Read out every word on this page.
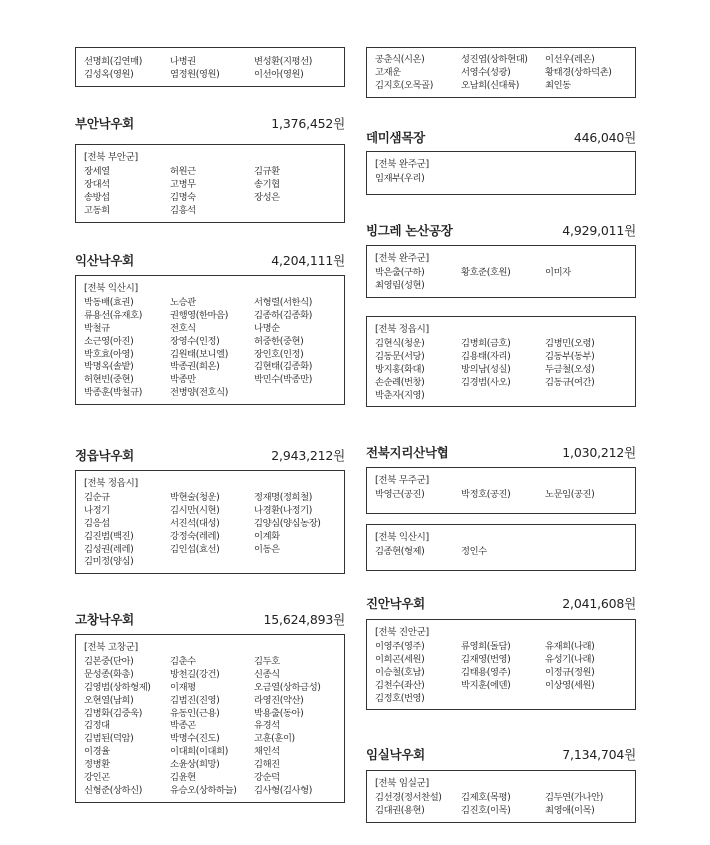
선명희(김연매)	나병권	변성환(지평선)
김성옥(영원)	염정원(영원)	이선아(영원)
부안낙우회	1,376,452원
[전북 부안군]
장세열	허원근	김규환
장대석	고병무	송기협
송방섭	김명숙	장성은
고동희	김흥석
익산낙우회	4,204,111원
[전북 익산시]
박동배(효권)	노승관	서형렬(서한식)
류용선(유재호)	권행영(한마음)	김종하(김종화)
박철규	전호식	나명순
소근영(아진)	장영수(인정)	허중한(중현)
박호효(아영)	김원태(보니엘)	장인호(인정)
박명옥(솔밭)	박종권(희온)	김현태(김종화)
허현빈(중현)	박종만	박민수(박종만)
박종훈(박철규)	전병양(전호식)
정읍낙우회	2,943,212원
[전북 정읍시]
김순규	박현술(청운)	정재명(정희철)
나정기	김시만(시현)	나경환(나정기)
김응섭	서진석(대성)	김양심(양심농장)
김진범(백진)	강정숙(레레)	이계화
김성권(레레)	김인섭(효선)	이동은
김미정(양심)
고창낙우회	15,624,893원
[전북 고창군]
김본중(단아)	김춘수	김두호
문성종(화총)	방천길(강건)	신종식
김영범(상하형제)	이재평	오금열(상하금성)
오현열(남희)	김범진(진영)	라영진(약산)
김병화(김중욱)	유동인(근용)	박용출(동아)
김정대	박종곤	유경석
김범된(덕암)	박명수(진도)	고훈(훈이)
이경율	이대희(이대희)	채인석
정병환	소윤상(희망)	김해진
강인곤	김윤현	강순덕
신형준(상하신)	유승오(상하하늘)	김사형(김사형)
공춘식(시온)	성진엽(상하현대)	이선우(레온)
고재운	서영수(성광)	황태경(상하덕촌)
김지호(오목골)	오남희(신대륙)	최인동
데미샘목장	446,040원
[전북 완주군]
임재부(우리)
빙그레 논산공장	4,929,011원
[전북 완주군]
박은출(구하)	황호준(호원)	이미자
최영림(성현)
[전북 정읍시]
김현식(청운)	김병희(금호)	김병민(오령)
김동문(서당)	김용태(자리)	김동부(동부)
방지홍(화대)	방의남(성실)	두금철(오성)
손순례(번창)	김경범(사오)	김동규(여간)
박춘자(지영)
전북지리산낙협	1,030,212원
[전북 무주군]
박영근(공진)	박정호(공진)	노문임(공진)
[전북 익산시]
김종현(형제)	정인수
진안낙우회	2,041,608원
[전북 진안군]
이영주(영주)	류영희(돌담)	유재희(나래)
이희곤(세원)	김재영(번영)	유성기(나래)
이승철(호남)	김태용(영주)	이정규(정원)
김천수(좌산)	박지훈(에덴)	이상영(세원)
김정호(번영)
임실낙우회	7,134,704원
[전북 임실군]
김선경(정서찬설)	김제호(목평)	김두연(가나안)
김대권(용현)	김진호(이목)	최영애(이목)
